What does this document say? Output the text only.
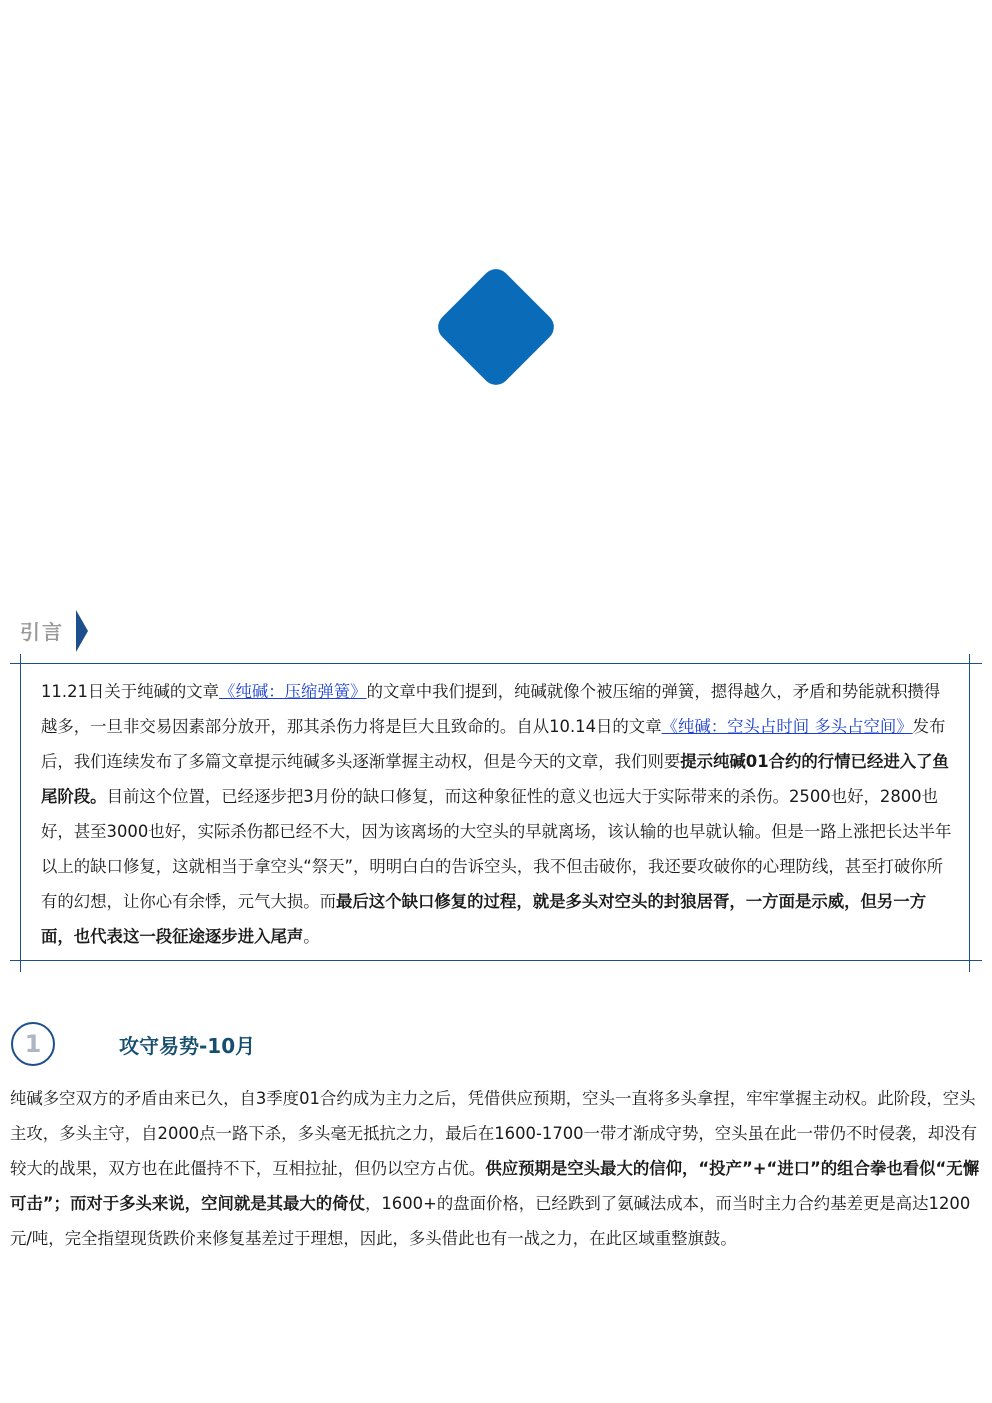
引言

11.21日关于纯碱的文章《纯碱：压缩弹簧》的文章中我们提到，纯碱就像个被压缩的弹簧，摁得越久，矛盾和势能就积攒得越多，一旦非交易因素部分放开，那其杀伤力将是巨大且致命的。自从10.14日的文章《纯碱：空头占时间 多头占空间》发布后，我们连续发布了多篇文章提示纯碱多头逐渐掌握主动权，但是今天的文章，我们则要提示纯碱01合约的行情已经进入了鱼尾阶段。目前这个位置，已经逐步把3月份的缺口修复，而这种象征性的意义也远大于实际带来的杀伤。2500也好，2800也好，甚至3000也好，实际杀伤都已经不大，因为该离场的大空头的早就离场，该认输的也早就认输。但是一路上涨把长达半年以上的缺口修复，这就相当于拿空头“祭天”，明明白白的告诉空头，我不但击破你，我还要攻破你的心理防线，甚至打破你所有的幻想，让你心有余悸，元气大损。而最后这个缺口修复的过程，就是多头对空头的封狼居胥，一方面是示威，但另一方面，也代表这一段征途逐步进入尾声。

1	攻守易势-10月

纯碱多空双方的矛盾由来已久，自3季度01合约成为主力之后，凭借供应预期，空头一直将多头拿捏，牢牢掌握主动权。此阶段，空头主攻，多头主守，自2000点一路下杀，多头毫无抵抗之力，最后在1600-1700一带才渐成守势，空头虽在此一带仍不时侵袭，却没有较大的战果，双方也在此僵持不下，互相拉扯，但仍以空方占优。供应预期是空头最大的信仰，“投产”+“进口”的组合拳也看似“无懈可击”；而对于多头来说，空间就是其最大的倚仗，1600+的盘面价格，已经跌到了氨碱法成本，而当时主力合约基差更是高达1200元/吨，完全指望现货跌价来修复基差过于理想，因此，多头借此也有一战之力，在此区域重整旗鼓。
